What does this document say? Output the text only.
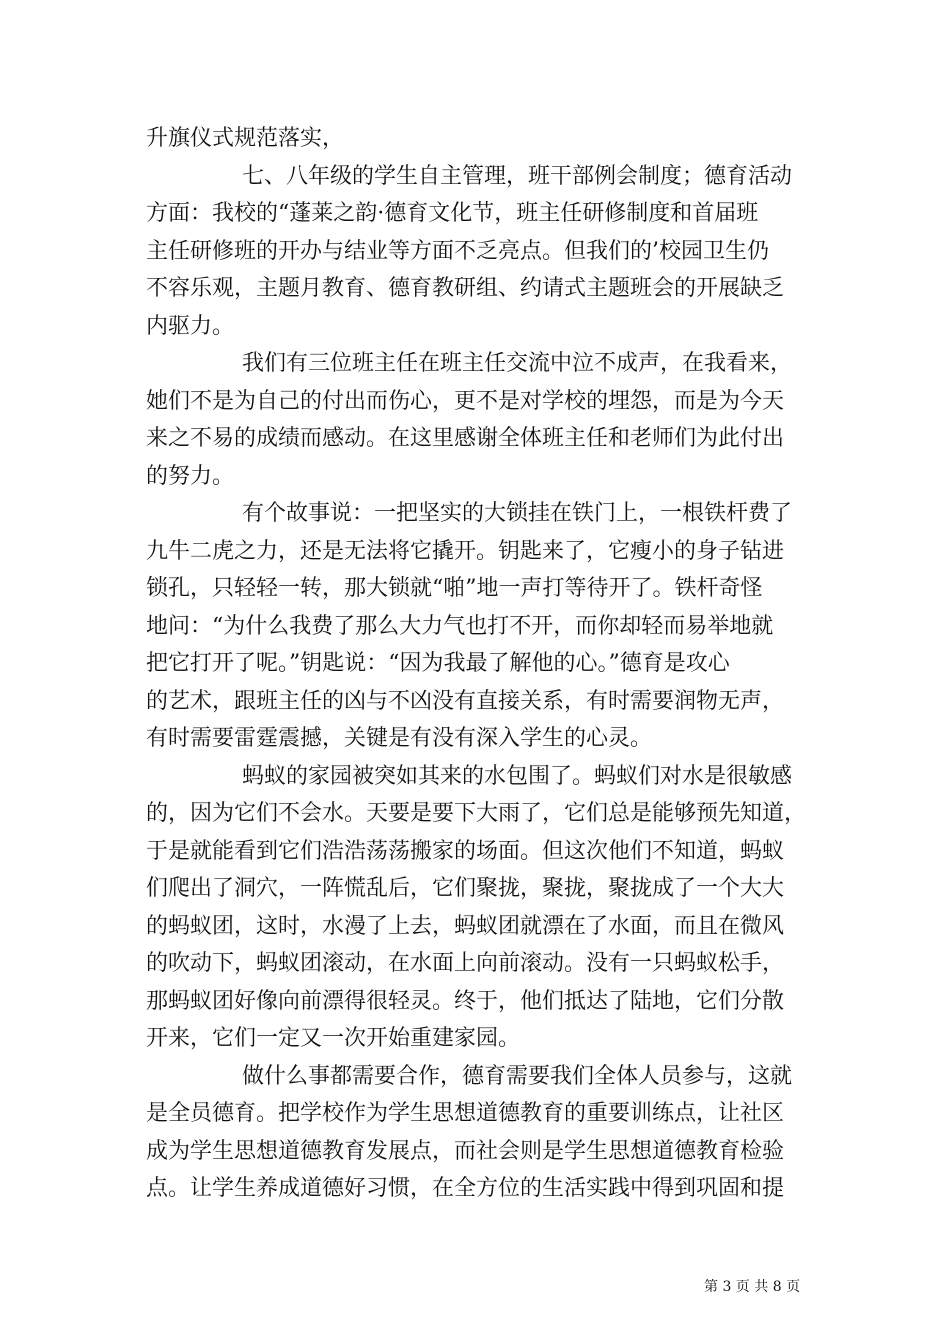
升旗仪式规范落实，
七、八年级的学生自主管理，班干部例会制度；德育活动
方面：我校的“蓬莱之韵·德育文化节，班主任研修制度和首届班
主任研修班的开办与结业等方面不乏亮点。但我们的’校园卫生仍
不容乐观，主题月教育、德育教研组、约请式主题班会的开展缺乏
内驱力。
我们有三位班主任在班主任交流中泣不成声，在我看来，
她们不是为自己的付出而伤心，更不是对学校的埋怨，而是为今天
来之不易的成绩而感动。在这里感谢全体班主任和老师们为此付出
的努力。
有个故事说：一把坚实的大锁挂在铁门上，一根铁杆费了
九牛二虎之力，还是无法将它撬开。钥匙来了，它瘦小的身子钻进
锁孔，只轻轻一转，那大锁就“啪”地一声打等待开了。铁杆奇怪
地问：“为什么我费了那么大力气也打不开，而你却轻而易举地就
把它打开了呢。”钥匙说：“因为我最了解他的心。”德育是攻心
的艺术，跟班主任的凶与不凶没有直接关系，有时需要润物无声，
有时需要雷霆震撼，关键是有没有深入学生的心灵。
蚂蚁的家园被突如其来的水包围了。蚂蚁们对水是很敏感
的，因为它们不会水。天要是要下大雨了，它们总是能够预先知道，
于是就能看到它们浩浩荡荡搬家的场面。但这次他们不知道，蚂蚁
们爬出了洞穴，一阵慌乱后，它们聚拢，聚拢，聚拢成了一个大大
的蚂蚁团，这时，水漫了上去，蚂蚁团就漂在了水面，而且在微风
的吹动下，蚂蚁团滚动，在水面上向前滚动。没有一只蚂蚁松手，
那蚂蚁团好像向前漂得很轻灵。终于，他们抵达了陆地，它们分散
开来，它们一定又一次开始重建家园。
做什么事都需要合作，德育需要我们全体人员参与，这就
是全员德育。把学校作为学生思想道德教育的重要训练点，让社区
成为学生思想道德教育发展点，而社会则是学生思想道德教育检验
点。让学生养成道德好习惯，在全方位的生活实践中得到巩固和提
第 3 页 共 8 页
